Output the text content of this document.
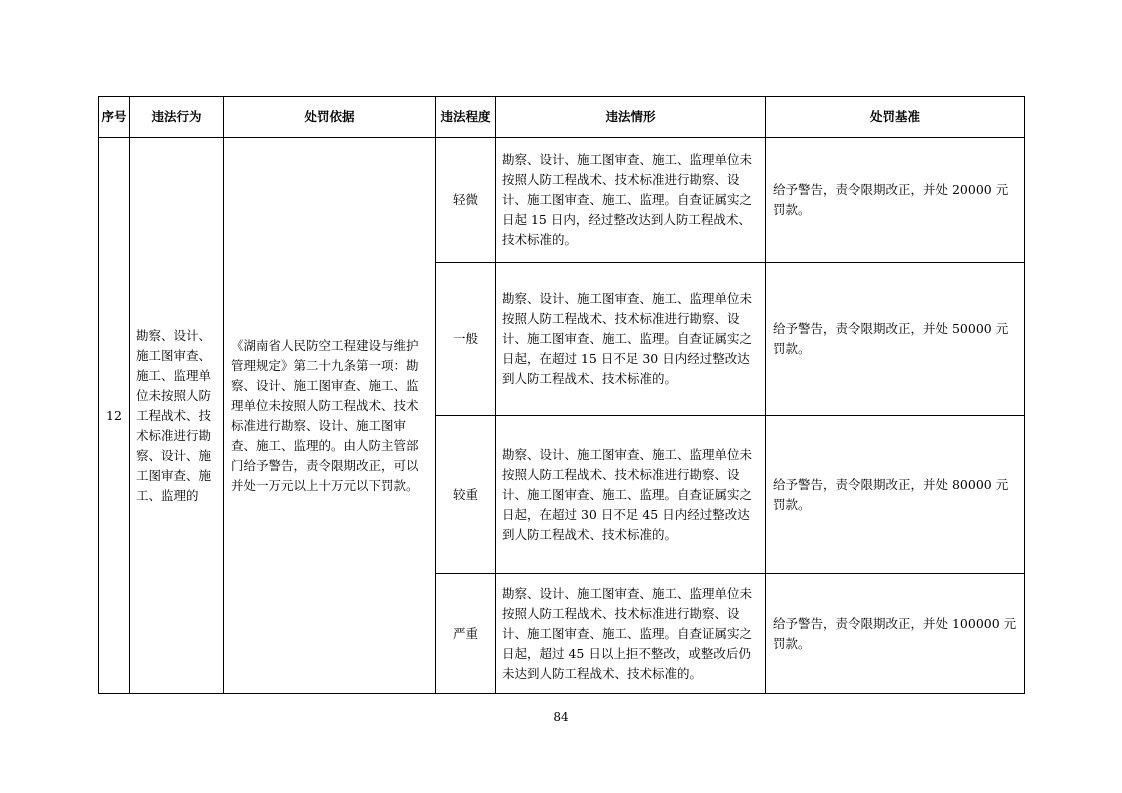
序号	违法行为	处罚依据	违法程度	违法情形	处罚基准
12	勘察、设计、施工图审查、施工、监理单位未按照人防工程战术、技术标准进行勘察、设计、施工图审查、施工、监理的	《湖南省人民防空工程建设与维护管理规定》第二十九条第一项：勘察、设计、施工图审查、施工、监理单位未按照人防工程战术、技术标准进行勘察、设计、施工图审查、施工、监理的。由人防主管部门给予警告，责令限期改正，可以并处一万元以上十万元以下罚款。	轻微	勘察、设计、施工图审查、施工、监理单位未按照人防工程战术、技术标准进行勘察、设计、施工图审查、施工、监理。自查证属实之日起 15 日内，经过整改达到人防工程战术、技术标准的。	给予警告，责令限期改正，并处 20000 元罚款。
			一般	勘察、设计、施工图审查、施工、监理单位未按照人防工程战术、技术标准进行勘察、设计、施工图审查、施工、监理。自查证属实之日起，在超过 15 日不足 30 日内经过整改达到人防工程战术、技术标准的。	给予警告，责令限期改正，并处 50000 元罚款。
			较重	勘察、设计、施工图审查、施工、监理单位未按照人防工程战术、技术标准进行勘察、设计、施工图审查、施工、监理。自查证属实之日起，在超过 30 日不足 45 日内经过整改达到人防工程战术、技术标准的。	给予警告，责令限期改正，并处 80000 元罚款。
			严重	勘察、设计、施工图审查、施工、监理单位未按照人防工程战术、技术标准进行勘察、设计、施工图审查、施工、监理。自查证属实之日起，超过 45 日以上拒不整改，或整改后仍未达到人防工程战术、技术标准的。	给予警告，责令限期改正，并处 100000 元罚款。
84
